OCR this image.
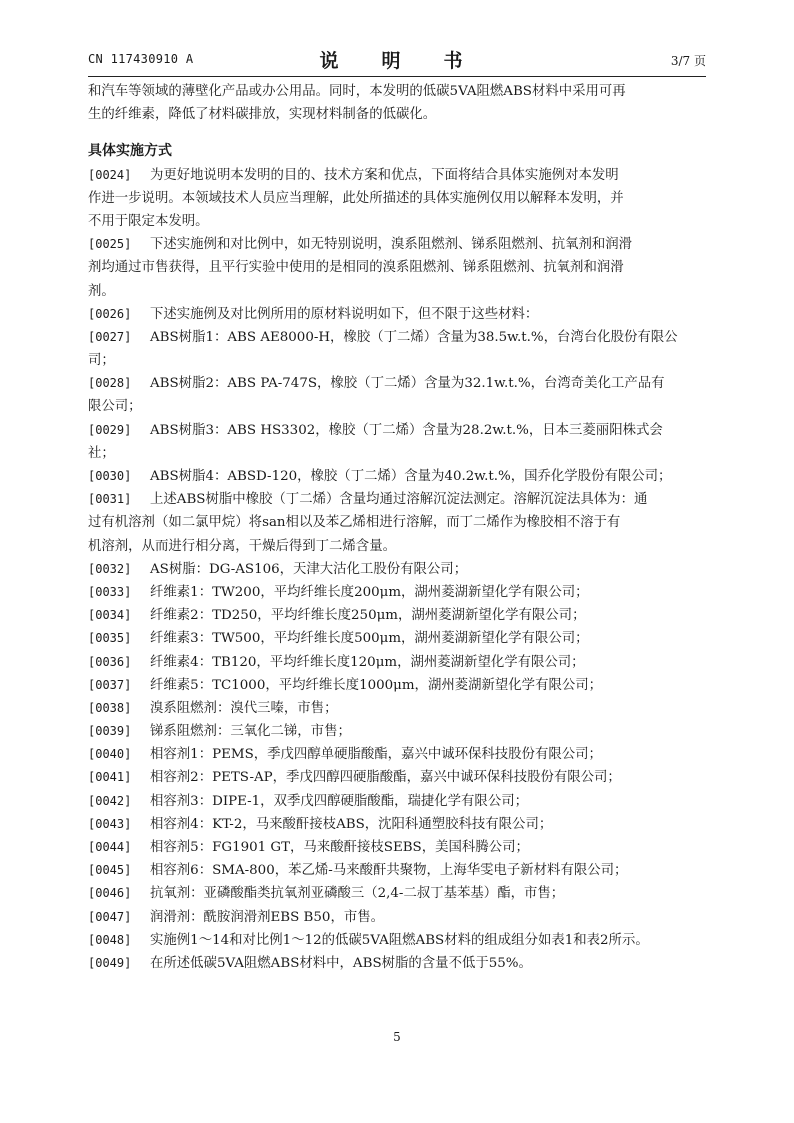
CN 117430910 A	说　明　书	3/7 页
和汽车等领域的薄壁化产品或办公用品。同时，本发明的低碳5VA阻燃ABS材料中采用可再
生的纤维素，降低了材料碳排放，实现材料制备的低碳化。
具体实施方式
[0024]	为更好地说明本发明的目的、技术方案和优点，下面将结合具体实施例对本发明
作进一步说明。本领域技术人员应当理解，此处所描述的具体实施例仅用以解释本发明，并
不用于限定本发明。
[0025]	下述实施例和对比例中，如无特别说明，溴系阻燃剂、锑系阻燃剂、抗氧剂和润滑
剂均通过市售获得，且平行实验中使用的是相同的溴系阻燃剂、锑系阻燃剂、抗氧剂和润滑
剂。
[0026]	下述实施例及对比例所用的原材料说明如下，但不限于这些材料：
[0027]	ABS树脂1：ABS AE8000-H，橡胶（丁二烯）含量为38.5w.t.%，台湾台化股份有限公
司；
[0028]	ABS树脂2：ABS PA-747S，橡胶（丁二烯）含量为32.1w.t.%，台湾奇美化工产品有
限公司；
[0029]	ABS树脂3：ABS HS3302，橡胶（丁二烯）含量为28.2w.t.%，日本三菱丽阳株式会
社；
[0030]	ABS树脂4：ABSD-120，橡胶（丁二烯）含量为40.2w.t.%，国乔化学股份有限公司；
[0031]	上述ABS树脂中橡胶（丁二烯）含量均通过溶解沉淀法测定。溶解沉淀法具体为：通
过有机溶剂（如二氯甲烷）将san相以及苯乙烯相进行溶解，而丁二烯作为橡胶相不溶于有
机溶剂，从而进行相分离，干燥后得到丁二烯含量。
[0032]	AS树脂：DG-AS106，天津大沽化工股份有限公司；
[0033]	纤维素1：TW200，平均纤维长度200μm，湖州菱湖新望化学有限公司；
[0034]	纤维素2：TD250，平均纤维长度250μm，湖州菱湖新望化学有限公司；
[0035]	纤维素3：TW500，平均纤维长度500μm，湖州菱湖新望化学有限公司；
[0036]	纤维素4：TB120，平均纤维长度120μm，湖州菱湖新望化学有限公司；
[0037]	纤维素5：TC1000，平均纤维长度1000μm，湖州菱湖新望化学有限公司；
[0038]	溴系阻燃剂：溴代三嗪，市售；
[0039]	锑系阻燃剂：三氧化二锑，市售；
[0040]	相容剂1：PEMS，季戊四醇单硬脂酸酯，嘉兴中诚环保科技股份有限公司；
[0041]	相容剂2：PETS-AP，季戊四醇四硬脂酸酯，嘉兴中诚环保科技股份有限公司；
[0042]	相容剂3：DIPE-1，双季戊四醇硬脂酸酯，瑞捷化学有限公司；
[0043]	相容剂4：KT-2，马来酸酐接枝ABS，沈阳科通塑胶科技有限公司；
[0044]	相容剂5：FG1901 GT，马来酸酐接枝SEBS，美国科腾公司；
[0045]	相容剂6：SMA-800，苯乙烯-马来酸酐共聚物，上海华雯电子新材料有限公司；
[0046]	抗氧剂：亚磷酸酯类抗氧剂亚磷酸三（2,4-二叔丁基苯基）酯，市售；
[0047]	润滑剂：酰胺润滑剂EBS B50，市售。
[0048]	实施例1～14和对比例1～12的低碳5VA阻燃ABS材料的组成组分如表1和表2所示。
[0049]	在所述低碳5VA阻燃ABS材料中，ABS树脂的含量不低于55%。
5
